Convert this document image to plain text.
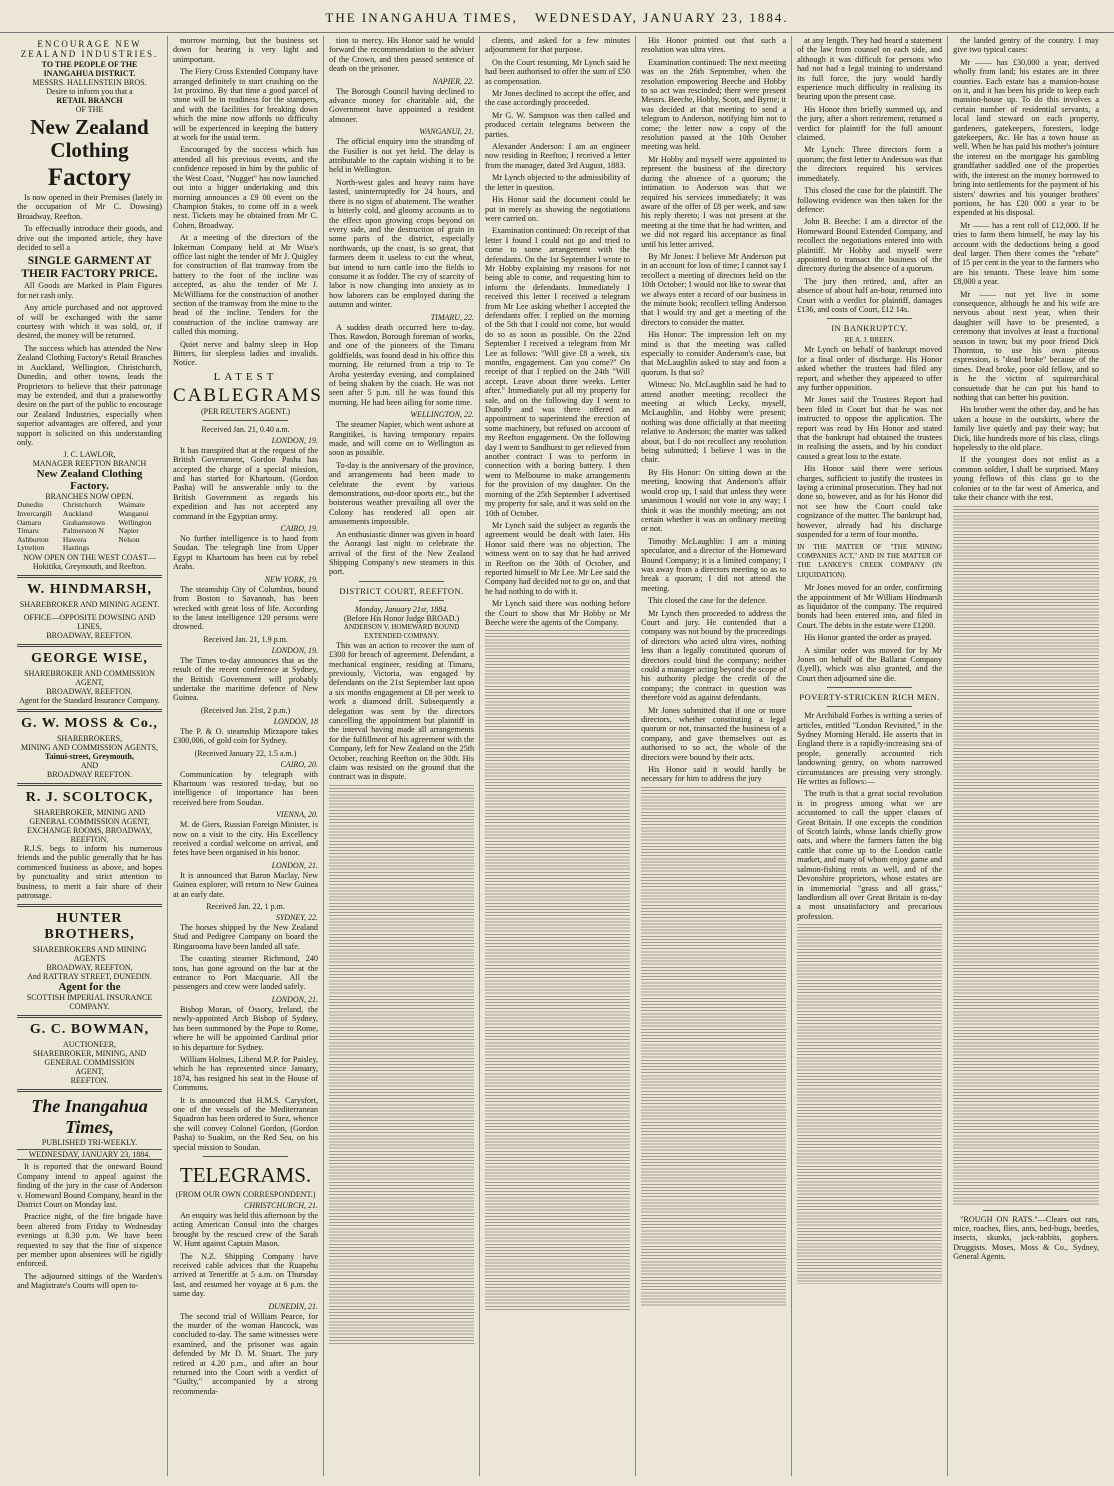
THE INANGAHUA TIMES, WEDNESDAY, JANUARY 23, 1884.
ENCOURAGE NEW ZEALAND INDUSTRIES.
TO THE PEOPLE OF THE INANGAHUA DISTRICT.
MESSRS. HALLENSTEIN BROS.
Desire to inform you that a
RETAIL BRANCH
OF THE
New Zealand Clothing
Factory

Is now opened in their Premises (lately in the occupation of Mr C. Dowsing) Broadway, Reefton.

To effectually introduce their goods, and drive out the imported article, they have decided to sell a

SINGLE GARMENT AT THEIR FACTORY PRICE.

All Goods are Marked in Plain Figures for net cash only.

Any article purchased and not approved of will be exchanged with the same courtesy with which it was sold, or, if desired, the money will be returned.

The success which has attended the New Zealand Clothing Factory's Retail Branches in Auckland, Wellington, Christchurch, Dunedin, and other towns, leads the Proprietors to believe that their patronage may be extended, and that a praiseworthy desire on the part of the public to encourage our Zealand Industries, especially when superior advantages are offered, and your support is solicited on this understanding only.

J. C. LAWLOR,
MANAGER REEFTON BRANCH
New Zealand Clothing Factory.
BRANCHES NOW OPEN.
Dunedin	Christchurch	Waimate
Invercargill	Auckland	Wanganui
Oamaru	Grahamstown	Wellington
Timaru	Palmerston N	Napier
Ashburton	Hawera	Nelson
Lyttelton	Hastings	
NOW OPEN ON THE WEST COAST—
Hokitika, Greymouth, and Reefton.
W. HINDMARSH,
SHAREBROKER AND MINING AGENT.
OFFICE—OPPOSITE DOWSING AND LINES,
BROADWAY, REEFTON.
GEORGE WISE,
SHAREBROKER AND COMMISSION AGENT,
BROADWAY, REEFTON.
Agent for the Standard Insurance Company.
G. W. MOSS & Co.,
SHAREBROKERS,
MINING AND COMMISSION AGENTS,
Tainui-street, Greymouth,
AND
BROADWAY REEFTON.
R. J. SCOLTOCK,
SHAREBROKER, MINING AND GENERAL COMMISSION AGENT,
EXCHANGE ROOMS, BROADWAY, REEFTON.

R.J.S. begs to inform his numerous friends and the public generally that he has commenced business as above, and hopes by punctuality and strict attention to business, to merit a fair share of their patronage.

HUNTER BROTHERS,
SHAREBROKERS AND MINING AGENTS
BROADWAY, REEFTON,
And RATTRAY STREET, DUNEDIN.
Agent for the
SCOTTISH IMPERIAL INSURANCE
COMPANY.
G. C. BOWMAN,
AUCTIONEER,
SHAREBROKER, MINING, AND
GENERAL COMMISSION
AGENT,
REEFTON.
The Inangahua Times,
PUBLISHED TRI-WEEKLY.
WEDNESDAY, JANUARY 23, 1884.

It is reported that the oneward Bound Company intend to appeal against the finding of the jury in the case of Anderson v. Homeward Bound Company, heard in the District Court on Monday last.

Practice night, of the fire brigade have been altered from Friday to Wednesday evenings at 8.30 p.m. We have been requested to say that the fine of sixpence per member upon absentees will be rigidly enforced.

The adjourned sittings of the Warden's and Magistrate's Courts will open to-

morrow morning, but the business set down for hearing is very light and unimportant.

The Fiery Cross Extended Company have arranged definitely to start crushing on the 1st proximo. By that time a good parcel of stone will be in readiness for the stampers, and with the facilities for breaking down which the mine now affords no difficulty will be experienced in keeping the battery at work for the usual term.

Encouraged by the success which has attended all his previous events, and the confidence reposed in him by the public of the West Coast, "Nugget" has now launched out into a bigger undertaking and this morning announces a £9 00 event on the Champion Stakes, to come off in a week next. Tickets may be obtained from Mr C. Cohen, Broadway.

At a meeting of the directors of the Inkerman Company held at Mr Wise's office last night the tender of Mr J. Quigley for construction of flat tramway from the battery to the foot of the incline was accepted, as also the tender of Mr J. McWilliams for the construction of another section of the tramway from the mine to the head of the incline. Tenders for the construction of the incline tramway are called this morning.

Quiet nerve and balmy sleep in Hop Bitters, for sleepless ladies and invalids. Notice.

LATEST
CABLEGRAMS
(PER REUTER'S AGENT.)
Received Jan. 21, 0.40 a.m.
LONDON, 19.

It has transpired that at the request of the British Government, Gordon Pasha has accepted the charge of a special mission, and has started for Khartoum. (Gordon Pasha) will be answerable only to the British Government as regards his expedition and has not accepted any command in the Egyptian army.

CAIRO, 19.

No further intelligence is to hand from Soudan. The telegraph line from Upper Egypt to Khartoum has been cut by rebel Arabs.

NEW YORK, 19.

The steamship City of Columbus, bound from Boston to Savannah, has been wrecked with great loss of life. According to the latest intelligence 120 persons were drowned.

Received Jan. 21, 1.9 p.m.
LONDON, 19.

The Times to-day announces that as the result of the recent conference at Sydney, the British Government will probably undertake the maritime defence of New Guinea.

(Received Jan. 21st, 2 p.m.)
LONDON, 18

The P. & O. steamship Mirzapore takes £300,006, of gold coin for Sydney.

(Received January 22, 1.5 a.m.)
CAIRO, 20.

Communication by telegraph with Khartoum was restored to-day, but no intelligence of importance has been received here from Soudan.

VIENNA, 20.

M. de Giers, Russian Foreign Minister, is now on a visit to the city. His Excellency received a cordial welcome on arrival, and fetes have been organised in his honor.

LONDON, 21.

It is announced that Baron Maclay, New Guinea explorer, will return to New Guinea at an early date.

Received Jan. 22, 1 p.m.
SYDNEY, 22.

The horses shipped by the New Zealand Stud and Pedigree Company on board the Ringarooma have been landed all safe.

The coasting steamer Richmond, 240 tons, has gone aground on the bar at the entrance to Port Macquarie. All the passengers and crew were landed safely.

LONDON, 21.

Bishop Moran, of Ossory, Ireland, the newly-appointed Arch Bishop of Sydney, has been summoned by the Pope to Rome, where he will be appointed Cardinal prior to his departure for Sydney.

William Holmes, Liberal M.P. for Paisley, which he has represented since January, 1874, has resigned his seat in the House of Commons.

It is announced that H.M.S. Carysfort, one of the vessels of the Mediterranean Squadron has been ordered to Suez, whence she will convey Colonel Gordon, (Gordon Pasha) to Suakim, on the Red Sea, on his special mission to Soudan.

TELEGRAMS.
(FROM OUR OWN CORRESPONDENT.)
CHRISTCHURCH, 21.

An enquiry was held this afternoon by the acting American Consul into the charges brought by the rescued crew of the Sarah W. Hunt against Captain Mason.

The N.Z. Shipping Company have received cable advices that the Ruapehu arrived at Teneriffe at 5 a.m. on Thursday last, and resumed her voyage at 6 p.m. the same day.

DUNEDIN, 21.

The second trial of William Pearce, for the murder of the woman Hancock, was concluded to-day. The same witnesses were examined, and the prisoner was again defended by Mr D. M. Stuart. The jury retired at 4.20 p.m., and after an hour returned into the Court with a verdict of "Guilty," accompanied by a strong recommenda-

tion to mercy. His Honor said he would forward the recommendation to the adviser of the Crown, and then passed sentence of death on the prisoner.

NAPIER, 22.

The Borough Council having declined to advance money for charitable aid, the Government have appointed a resident almoner.

WANGANUI, 21.

The official enquiry into the stranding of the Fusilier is not yet held. The delay is attributable to the captain wishing it to be held in Wellington.

North-west gales and heavy rains have lasted, uninterruptedly for 24 hours, and there is no signs of abatement. The weather is bitterly cold, and gloomy accounts as to the effect upon growing crops beyond on every side, and the destruction of grain in some parts of the district, especially northwards, up the coast, is so great, that farmers deem it useless to cut the wheat, but intend to turn cattle into the fields to consume it as fodder. The cry of scarcity of labor is now changing into anxiety as to how laborers can be employed during the autumn and winter.

TIMARU, 22.

A sudden death occurred here to-day. Thos. Rawdon, Borough foreman of works, and one of the pioneers of the Timaru goldfields, was found dead in his office this morning. He returned from a trip to Te Aroha yesterday evening, and complained of being shaken by the coach. He was not seen after 5 p.m. till he was found this morning. He had been ailing for some time.

WELLINGTON, 22.

The steamer Napier, which went ashore at Rangitikei, is having temporary repairs made, and will come on to Wellington as soon as possible.

To-day is the anniversary of the province, and arrangements had been made to celebrate the event by various demonstrations, out-door sports etc., but the boisterous weather prevailing all over the Colony has rendered all open air amusements impossible.

An enthusiastic dinner was given in board the Aorangi last night to celebrate the arrival of the first of the New Zealand Shipping Company's new steamers in this port.

DISTRICT COURT, REEFTON.
Monday, January 21st, 1884.
(Before His Honor Judge BROAD.)
ANDERSON V. HOMEWARD BOUND EXTENDED COMPANY.

This was an action to recover the sum of £300 for breach of agreement. Defendant, a mechanical engineer, residing at Timaru, previously, Victoria, was engaged by defendants on the 21st September last upon a six months engagement at £8 per week to work a diamond drill. Subsequently a delegation was sent by the directors cancelling the appointment but plaintiff in the interval having made all arrangements for the fulfillment of his agreement with the Company, left for New Zealand on the 25th October, reaching Reefton on the 30th. His claim was resisted on the ground that the contract was in dispute.

clients, and asked for a few minutes adjournment for that purpose.

On the Court resuming, Mr Lynch said he had been authorised to offer the sum of £50 as compensation.

Mr Jones declined to accept the offer, and the case accordingly proceeded.

Mr G. W. Sampson was then called and produced certain telegrams between the parties.

Alexander Anderson: I am an engineer now residing in Reefton; I received a letter from the manager, dated 3rd August, 1883.

Mr Lynch objected to the admissibility of the letter in question.

His Honor said the document could be put in merely as showing the negotiations were carried on.

Examination continued: On receipt of that letter I found I could not go and tried to come to some arrangement with the defendants. On the 1st September I wrote to Mr Hobby explaining my reasons for not being able to come, and requesting him to inform the defendants. Immediately I received this letter I received a telegram from Mr Lee asking whether I accepted the defendants offer. I replied on the morning of the 5th that I could not come, but would do so as soon as possible. On the 22nd September I received a telegram from Mr Lee as follows: "Will give £8 a week, six months, engagement. Can you come?" On receipt of that I replied on the 24th "Will accept. Leave about three weeks. Letter after." Immediately put all my property for sale, and on the following day I went to Dunolly and was there offered an appointment to superintend the erection of some machinery, but refused on account of my Reefton engagement. On the following day I went to Sandhurst to get relieved from another contract I was to perform in connection with a boring battery. I then went to Melbourne to make arrangements for the provision of my daughter. On the morning of the 25th September I advertised my property for sale, and it was sold on the 10th of October.

Mr Lynch said the subject as regards the agreement would be dealt with later. His Honor said there was no objection. The witness went on to say that he had arrived in Reefton on the 30th of October, and reported himself to Mr Lee. Mr Lee said the Company had decided not to go on, and that he had nothing to do with it.

Mr Lynch said there was nothing before the Court to show that Mr Hobby or Mr Beeche were the agents of the Company.

His Honor pointed out that such a resolution was ultra vires.

Examination continued: The next meeting was on the 26th September, when the resolution empowering Beeche and Hobby to so act was rescinded; there were present Messrs. Beeche, Hobby, Scott, and Byrne; it was decided at that meeting to send a telegram to Anderson, notifying him not to come; the letter now a copy of the resolution passed at the 10th October meeting was held.

Mr Hobby and myself were appointed to represent the business of the directory during the absence of a quorum; the intimation to Anderson was that we required his services immediately; it was aware of the offer of £8 per week, and saw his reply thereto; I was not present at the meeting at the time that he had written, and we did not regard his acceptance as final until his letter arrived.

By Mr Jones: I believe Mr Anderson put in an account for loss of time; I cannot say I recollect a meeting of directors held on the 10th October; I would not like to swear that we always enter a record of our business in the minute book; recollect telling Anderson that I would try and get a meeting of the directors to consider the matter.

His Honor: The impression left on my mind is that the meeting was called especially to consider Anderson's case, but that McLaughlin asked to stay and form a quorum. Is that so?

Witness: No. McLaughlin said he had to attend another meeting; recollect the meeting at which Lecky, myself, McLaughlin, and Hobby were present; nothing was done officially at that meeting relative to Anderson; the matter was talked about, but I do not recollect any resolution being submitted; I believe I was in the chair.

By His Honor: On sitting down at the meeting, knowing that Anderson's affair would crop up, I said that unless they were unanimous I would not vote in any way; I think it was the monthly meeting; am not certain whether it was an ordinary meeting or not.

Timothy McLaughlin: I am a mining speculator, and a director of the Homeward Bound Company; it is a limited company; I was away from a directors meeting so as to break a quorum; I did not attend the meeting.

This closed the case for the defence.

Mr Lynch then proceeded to address the Court and jury. He contended that a company was not bound by the proceedings of directors who acted ultra vires, nothing less than a legally constituted quorum of directors could bind the company; neither could a manager acting beyond the scope of his authority pledge the credit of the company; the contract in question was therefore void as against defendants.

Mr Jones submitted that if one or more directors, whether constituting a legal quorum or not, transacted the business of a company, and gave themselves out as authorised to so act, the whole of the directors were bound by their acts.

His Honor said it would hardly be necessary for him to address the jury

at any length. They had heard a statement of the law from counsel on each side, and although it was difficult for persons who had not had a legal training to understand its full force, the jury would hardly experience much difficulty in realising its bearing upon the present case.

His Honor then briefly summed up, and the jury, after a short retirement, returned a verdict for plaintiff for the full amount claimed.

Mr Lynch: Three directors form a quorum; the first letter to Anderson was that the directors required his services immediately.

This closed the case for the plaintiff. The following evidence was then taken for the defence:

John B. Beeche: I am a director of the Homeward Bound Extended Company, and recollect the negotiations entered into with plaintiff. Mr Hobby and myself were appointed to transact the business of the directory during the absence of a quorum.

The jury then retired, and, after an absence of about half an-hour, returned into Court with a verdict for plaintiff, damages £136, and costs of Court, £12 14s.

IN BANKRUPTCY.
RE A. J. BREEN.

Mr Lynch on behalf of bankrupt moved for a final order of discharge. His Honor asked whether the trustees had filed any report, and whether they appeared to offer any further opposition.

Mr Jones said the Trustees Report had been filed in Court but that he was not instructed to oppose the application. The report was read by His Honor and stated that the bankrupt had obtained the trustees in realising the assets, and by his conduct caused a great loss to the estate.

His Honor said there were serious charges, sufficient to justify the trustees in laying a criminal prosecution. They had not done so, however, and as for his Honor did not see how the Court could take cognizance of the matter. The bankrupt had, however, already had his discharge suspended for a term of four months.

IN THE MATTER OF "THE MINING COMPANIES ACT," AND IN THE MATTER OF THE LANKEY'S CREEK COMPANY (IN LIQUIDATION).

Mr Jones moved for an order, confirming the appointment of Mr William Hindmarsh as liquidator of the company. The required bonds had been entered into, and filed in Court. The debts in the estate were £1200.

His Honor granted the order as prayed.

A similar order was moved for by Mr Jones on behalf of the Ballarat Company (Lyell), which was also granted, and the Court then adjourned sine die.

POVERTY-STRICKEN RICH MEN.

Mr Archibald Forbes is writing a series of articles, entitled "London Revisited," in the Sydney Morning Herald. He asserts that in England there is a rapidly-increasing sea of people, generally accounted rich landowning gentry, on whom narrowed circumstances are pressing very strongly. He writes as follows:—

The truth is that a great social revolution is in progress among what we are accustomed to call the upper classes of Great Britain. If one excepts the condition of Scotch lairds, whose lands chiefly grow oats, and where the farmers fatten the big cattle that come up to the London cattle market, and many of whom enjoy game and salmon-fishing rents as well, and of the Devonshire proprietors, whose estates are in immemorial "grass and all grass," landlordism all over Great Britain is to-day a most unsatisfactory and precarious profession.

the landed gentry of the country. I may give two typical cases:

Mr —— has £30,000 a year, derived wholly from land; his estates are in three counties. Each estate has a mansion-house on it, and it has been his pride to keep each mansion-house up. To do this involves a certain number of residential servants, a local land steward on each property, gardeners, gatekeepers, foresters, lodge gatekeepers, &c. He has a town house as well. When he has paid his mother's jointure the interest on the mortgage his gambling grandfather saddled one of the properties with, the interest on the money borrowed to bring into settlements for the payment of his sisters' dowries and his younger brothers' portions, he has £20 000 a year to be expended at his disposal.

Mr —— has a rent roll of £12,000. If he tries to farm them himself, he may lay his account with the deductions being a good deal larger. Then there comes the "rebate" of 15 per cent in the year to the farmers who are his tenants. These leave him some £8,000 a year.

Mr —— not yet live in some consequence, although he and his wife are nervous about next year, when their daughter will have to be presented, a ceremony that involves at least a fractional season in town; but my poor friend Dick Thornton, to use his own piteous expression, is "dead broke" because of the times. Dead broke, poor old fellow, and so is he the victim of squirearchical consuetude that he can put his hand to nothing that can better his position.

His brother went the other day, and he has taken a house in the outskirts, where the family live quietly and pay their way; but Dick, like hundreds more of his class, clings hopelessly to the old place.

If the youngest does not enlist as a common soldier, I shall be surprised. Many young fellows of this class go to the colonies or to the far west of America, and take their chance with the rest.

"ROUGH ON RATS."—Clears out rats, mice, roaches, flies, ants, bed-bugs, beetles, insects, skunks, jack-rabbits, gophers. Druggists. Moses, Moss & Co., Sydney, General Agents.
